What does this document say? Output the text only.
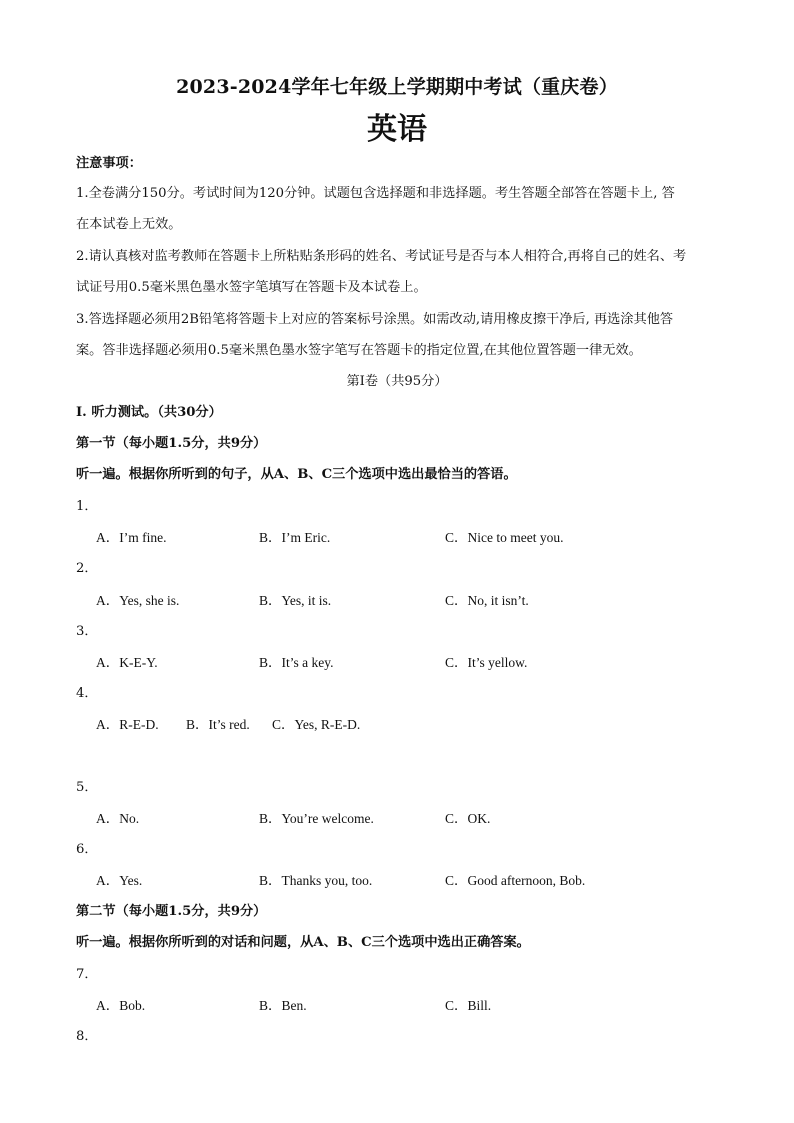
2023-2024学年七年级上学期期中考试（重庆卷）
英语
注意事项：
1.全卷满分150分。考试时间为120分钟。试题包含选择题和非选择题。考生答题全部答在答题卡上, 答
在本试卷上无效。
2.请认真核对监考教师在答题卡上所粘贴条形码的姓名、考试证号是否与本人相符合,再将自己的姓名、考
试证号用0.5毫米黑色墨水签字笔填写在答题卡及本试卷上。
3.答选择题必须用2B铅笔将答题卡上对应的答案标号涂黑。如需改动,请用橡皮擦干净后, 再选涂其他答
案。答非选择题必须用0.5毫米黑色墨水签字笔写在答题卡的指定位置,在其他位置答题一律无效。
第I卷（共95分）
Ⅰ. 听力测试。（共30分）
第一节（每小题1.5分，共9分）
听一遍。根据你所听到的句子，从A、B、C三个选项中选出最恰当的答语。
1．
A．I’m fine.	B．I’m Eric.	C．Nice to meet you.
2．
A．Yes, she is.	B．Yes, it is.	C．No, it isn’t.
3．
A．K-E-Y.	B．It’s a key.	C．It’s yellow.
4．
A．R-E-D. B．It’s red. C．Yes, R-E-D.
5．
A．No.	B．You’re welcome.	C．OK.
6．
A．Yes.	B．Thanks you, too.	C．Good afternoon, Bob.
第二节（每小题1.5分，共9分）
听一遍。根据你所听到的对话和问题，从A、B、C三个选项中选出正确答案。
7．
A．Bob.	B．Ben.	C．Bill.
8．
